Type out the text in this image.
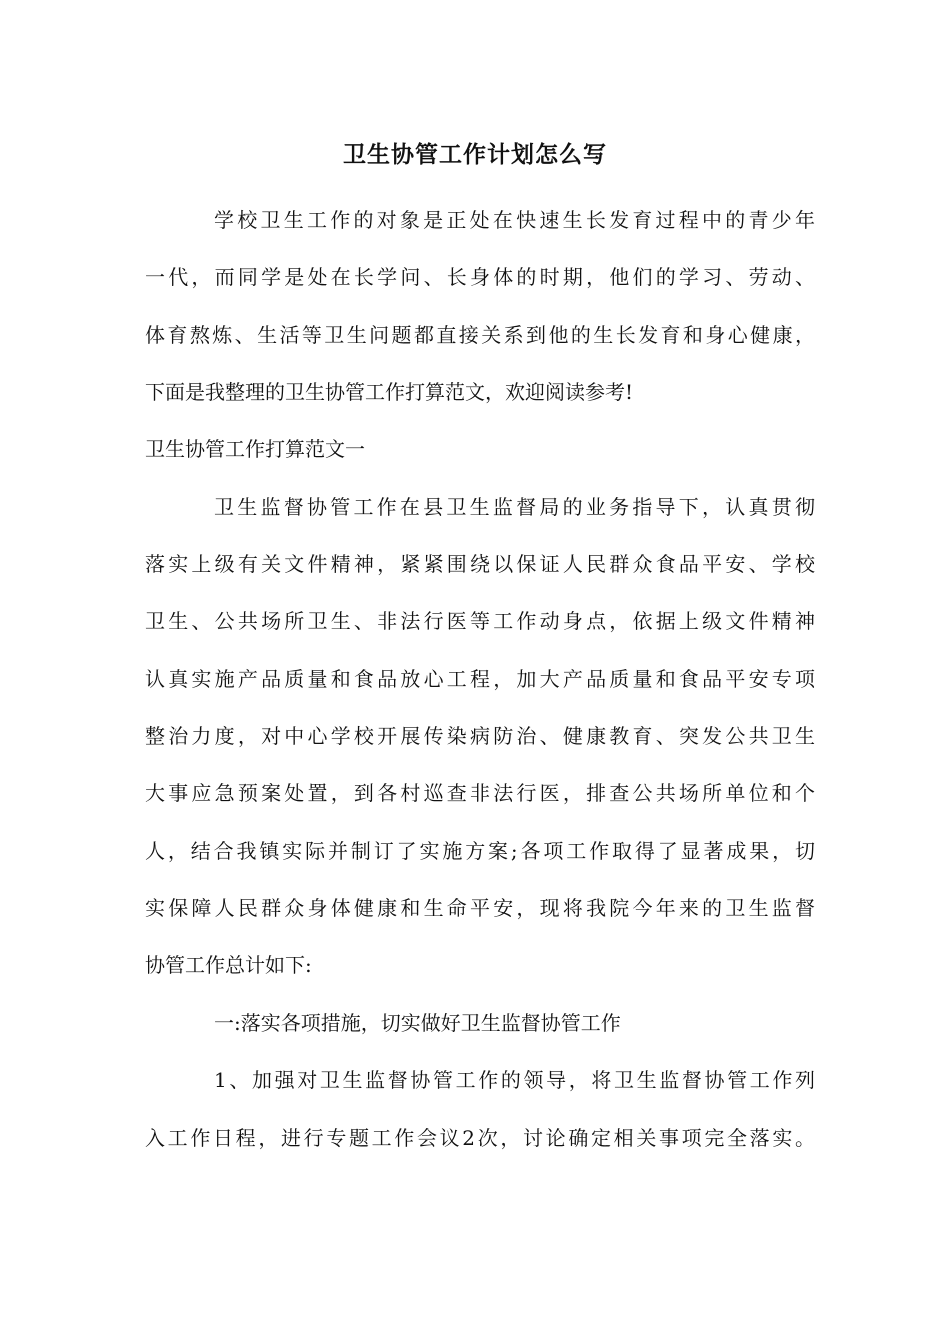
卫生协管工作计划怎么写
学校卫生工作的对象是正处在快速生长发育过程中的青少年
一代，而同学是处在长学问、长身体的时期，他们的学习、劳动、
体育熬炼、生活等卫生问题都直接关系到他的生长发育和身心健康，
下面是我整理的卫生协管工作打算范文，欢迎阅读参考!
卫生协管工作打算范文一
卫生监督协管工作在县卫生监督局的业务指导下，认真贯彻
落实上级有关文件精神，紧紧围绕以保证人民群众食品平安、学校
卫生、公共场所卫生、非法行医等工作动身点，依据上级文件精神
认真实施产品质量和食品放心工程，加大产品质量和食品平安专项
整治力度，对中心学校开展传染病防治、健康教育、突发公共卫生
大事应急预案处置，到各村巡查非法行医，排查公共场所单位和个
人，结合我镇实际并制订了实施方案;各项工作取得了显著成果，切
实保障人民群众身体健康和生命平安，现将我院今年来的卫生监督
协管工作总计如下:
一:落实各项措施，切实做好卫生监督协管工作
1、加强对卫生监督协管工作的领导，将卫生监督协管工作列
入工作日程，进行专题工作会议2次，讨论确定相关事项完全落实。
